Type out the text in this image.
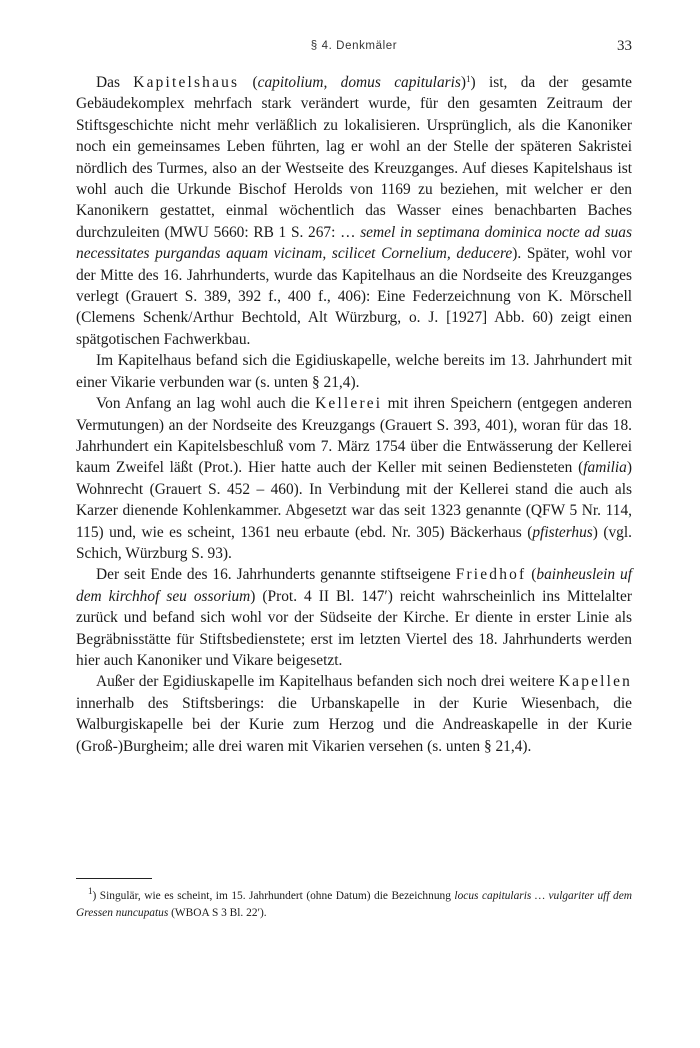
§ 4. Denkmäler	33

Das Kapitelshaus (capitolium, domus capitularis)$^1$) ist, da der gesamte Gebäudekomplex mehrfach stark verändert wurde, für den gesamten Zeitraum der Stiftsgeschichte nicht mehr verläßlich zu lokalisieren. Ursprünglich, als die Kanoniker noch ein gemeinsames Leben führten, lag er wohl an der Stelle der späteren Sakristei nördlich des Turmes, also an der Westseite des Kreuzganges. Auf dieses Kapitelshaus ist wohl auch die Urkunde Bischof Herolds von 1169 zu beziehen, mit welcher er den Kanonikern gestattet, einmal wöchentlich das Wasser eines benachbarten Baches durchzuleiten (MWU 5660: RB 1 S. 267: … semel in septimana dominica nocte ad suas necessitates purgandas aquam vicinam, scilicet Cornelium, deducere). Später, wohl vor der Mitte des 16. Jahrhunderts, wurde das Kapitelhaus an die Nordseite des Kreuzganges verlegt (Grauert S. 389, 392 f., 400 f., 406): Eine Federzeichnung von K. Mörschell (Clemens Schenk/Arthur Bechtold, Alt Würzburg, o. J. [1927] Abb. 60) zeigt einen spätgotischen Fachwerkbau.

Im Kapitelhaus befand sich die Egidiuskapelle, welche bereits im 13. Jahrhundert mit einer Vikarie verbunden war (s. unten § 21,4).

Von Anfang an lag wohl auch die Kellerei mit ihren Speichern (entgegen anderen Vermutungen) an der Nordseite des Kreuzgangs (Grauert S. 393, 401), woran für das 18. Jahrhundert ein Kapitelsbeschluß vom 7. März 1754 über die Entwässerung der Kellerei kaum Zweifel läßt (Prot.). Hier hatte auch der Keller mit seinen Bediensteten (familia) Wohnrecht (Grauert S. 452 – 460). In Verbindung mit der Kellerei stand die auch als Karzer dienende Kohlenkammer. Abgesetzt war das seit 1323 genannte (QFW 5 Nr. 114, 115) und, wie es scheint, 1361 neu erbaute (ebd. Nr. 305) Bäckerhaus (pfisterhus) (vgl. Schich, Würzburg S. 93).

Der seit Ende des 16. Jahrhunderts genannte stiftseigene Friedhof (bainheuslein uf dem kirchhof seu ossorium) (Prot. 4 II Bl. 147′) reicht wahrscheinlich ins Mittelalter zurück und befand sich wohl vor der Südseite der Kirche. Er diente in erster Linie als Begräbnisstätte für Stiftsbedienstete; erst im letzten Viertel des 18. Jahrhunderts werden hier auch Kanoniker und Vikare beigesetzt.

Außer der Egidiuskapelle im Kapitelhaus befanden sich noch drei weitere Kapellen innerhalb des Stiftsberings: die Urbanskapelle in der Kurie Wiesenbach, die Walburgiskapelle bei der Kurie zum Herzog und die Andreaskapelle in der Kurie (Groß-)Burgheim; alle drei waren mit Vikarien versehen (s. unten § 21,4).

$^1$) Singulär, wie es scheint, im 15. Jahrhundert (ohne Datum) die Bezeichnung locus capitularis … vulgariter uff dem Gressen nuncupatus (WBOA S 3 Bl. 22′).
